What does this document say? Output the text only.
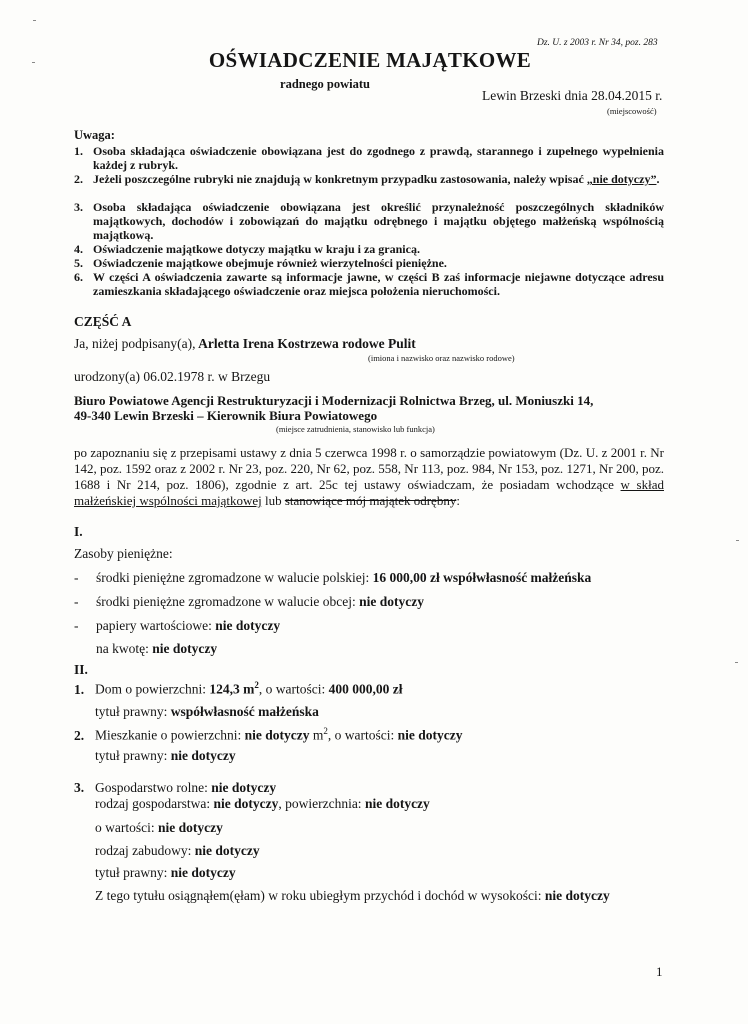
Dz. U. z 2003 r. Nr 34, poz. 283
OŚWIADCZENIE MAJĄTKOWE
radnego powiatu
Lewin Brzeski dnia 28.04.2015 r.
(miejscowość)
Uwaga:
1. Osoba składająca oświadczenie obowiązana jest do zgodnego z prawdą, starannego i zupełnego wypełnienia każdej z rubryk.
2. Jeżeli poszczególne rubryki nie znajdują w konkretnym przypadku zastosowania, należy wpisać „nie dotyczy”.
3. Osoba składająca oświadczenie obowiązana jest określić przynależność poszczególnych składników majątkowych, dochodów i zobowiązań do majątku odrębnego i majątku objętego małżeńską wspólnością majątkową.
4. Oświadczenie majątkowe dotyczy majątku w kraju i za granicą.
5. Oświadczenie majątkowe obejmuje również wierzytelności pieniężne.
6. W części A oświadczenia zawarte są informacje jawne, w części B zaś informacje niejawne dotyczące adresu zamieszkania składającego oświadczenie oraz miejsca położenia nieruchomości.
CZĘŚĆ A
Ja, niżej podpisany(a), Arletta Irena Kostrzewa rodowe Pulit
(imiona i nazwisko oraz nazwisko rodowe)
urodzony(a) 06.02.1978 r. w Brzegu
Biuro Powiatowe Agencji Restrukturyzacji i Modernizacji Rolnictwa Brzeg, ul. Moniuszki 14,
49-340 Lewin Brzeski – Kierownik Biura Powiatowego
(miejsce zatrudnienia, stanowisko lub funkcja)
po zapoznaniu się z przepisami ustawy z dnia 5 czerwca 1998 r. o samorządzie powiatowym (Dz. U. z 2001 r. Nr 142, poz. 1592 oraz z 2002 r. Nr 23, poz. 220, Nr 62, poz. 558, Nr 113, poz. 984, Nr 153, poz. 1271, Nr 200, poz. 1688 i Nr 214, poz. 1806), zgodnie z art. 25c tej ustawy oświadczam, że posiadam wchodzące w skład małżeńskiej wspólności majątkowej lub stanowiące mój majątek odrębny:
I.
Zasoby pieniężne:
- środki pieniężne zgromadzone w walucie polskiej: 16 000,00 zł współwłasność małżeńska
- środki pieniężne zgromadzone w walucie obcej: nie dotyczy
- papiery wartościowe: nie dotyczy
na kwotę: nie dotyczy
II.
1. Dom o powierzchni: 124,3 $m^2$, o wartości: 400 000,00 zł
tytuł prawny: współwłasność małżeńska
2. Mieszkanie o powierzchni: nie dotyczy $m^2$, o wartości: nie dotyczy
tytuł prawny: nie dotyczy
3. Gospodarstwo rolne: nie dotyczy
rodzaj gospodarstwa: nie dotyczy, powierzchnia: nie dotyczy
o wartości: nie dotyczy
rodzaj zabudowy: nie dotyczy
tytuł prawny: nie dotyczy
Z tego tytułu osiągnąłem(ęłam) w roku ubiegłym przychód i dochód w wysokości: nie dotyczy
1
